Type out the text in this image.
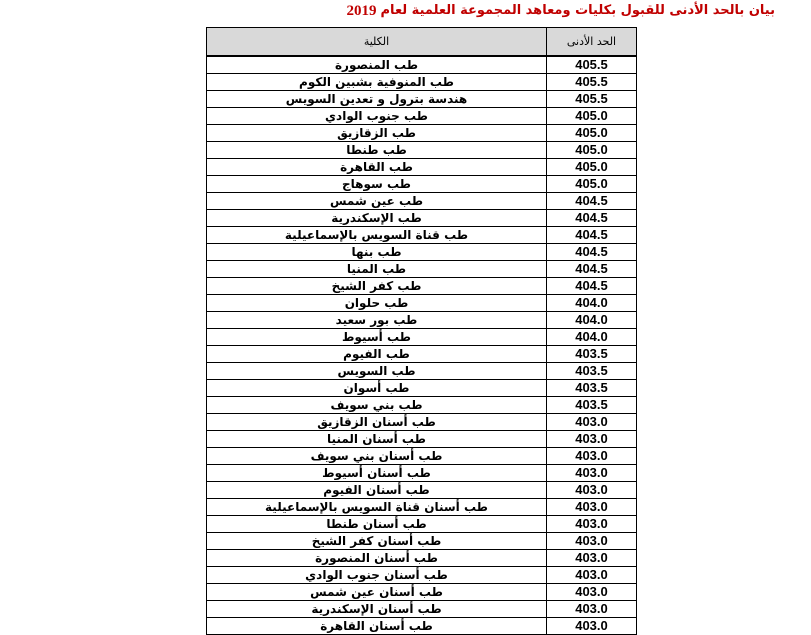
بيان بالحد الأدنى للقبول بكليات ومعاهد المجموعة العلمية لعام
2019
الحد الأدنى	الكلية
405.5	طب المنصورة
405.5	طب المنوفية بشبين الكوم
405.5	هندسة بترول و تعدين السويس
405.0	طب جنوب الوادي
405.0	طب الزقازيق
405.0	طب طنطا
405.0	طب القاهرة
405.0	طب سوهاج
404.5	طب عين شمس
404.5	طب الإسكندرية
404.5	طب قناة السويس بالإسماعيلية
404.5	طب بنها
404.5	طب المنيا
404.5	طب كفر الشيخ
404.0	طب حلوان
404.0	طب بور سعيد
404.0	طب أسيوط
403.5	طب الفيوم
403.5	طب السويس
403.5	طب أسوان
403.5	طب بني سويف
403.0	طب أسنان الزقازيق
403.0	طب أسنان المنيا
403.0	طب أسنان بني سويف
403.0	طب أسنان أسيوط
403.0	طب أسنان الفيوم
403.0	طب أسنان قناة السويس بالإسماعيلية
403.0	طب أسنان طنطا
403.0	طب أسنان كفر الشيخ
403.0	طب أسنان المنصورة
403.0	طب أسنان جنوب الوادي
403.0	طب أسنان عين شمس
403.0	طب أسنان الإسكندرية
403.0	طب أسنان القاهرة
